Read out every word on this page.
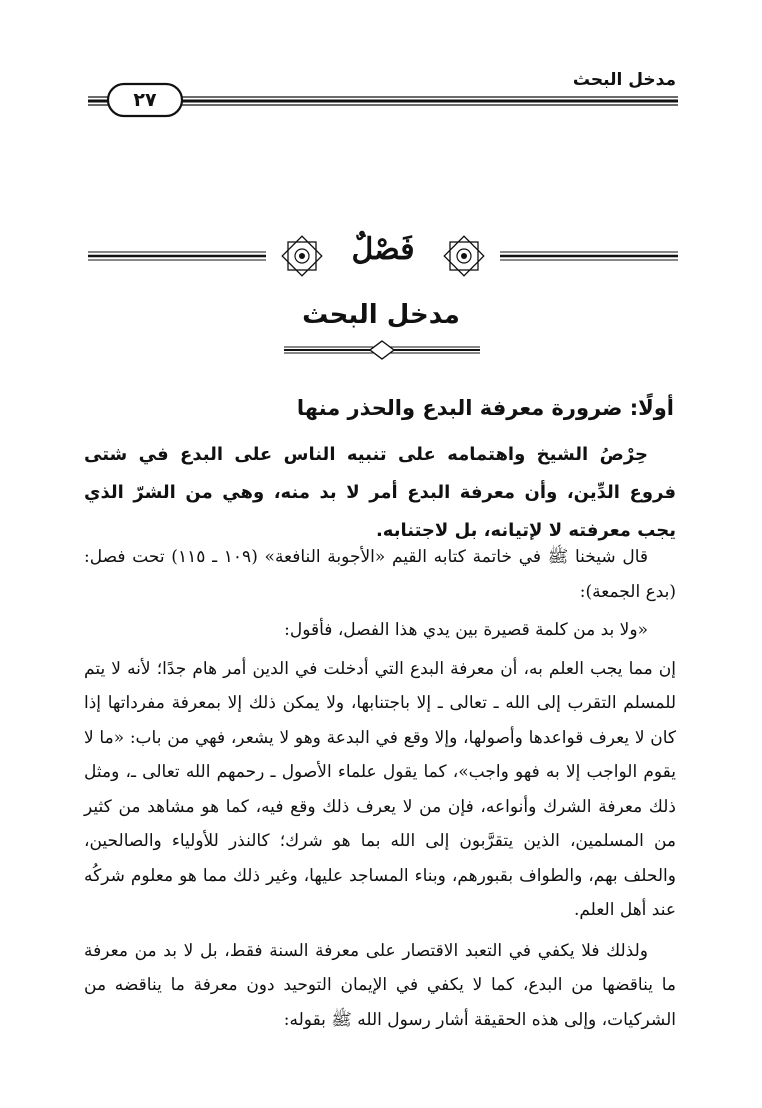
مدخل البحث
٢٧
فَصْلٌ
مدخل البحث
أولًا: ضرورة معرفة البدع والحذر منها

حِرْصُ الشيخ واهتمامه على تنبيه الناس على البدع في شتى فروع الدِّين، وأن معرفة البدع أمر لا بد منه، وهي من الشرّ الذي يجب معرفته لا لإتيانه، بل لاجتنابه.

قال شيخنا ﷺ في خاتمة كتابه القيم «الأجوبة النافعة» (١٠٩ ـ ١١٥) تحت فصل: (بدع الجمعة):

«ولا بد من كلمة قصيرة بين يدي هذا الفصل، فأقول:

إن مما يجب العلم به، أن معرفة البدع التي أدخلت في الدين أمر هام جدًا؛ لأنه لا يتم للمسلم التقرب إلى الله ـ تعالى ـ إلا باجتنابها، ولا يمكن ذلك إلا بمعرفة مفرداتها إذا كان لا يعرف قواعدها وأصولها، وإلا وقع في البدعة وهو لا يشعر، فهي من باب: «ما لا يقوم الواجب إلا به فهو واجب»، كما يقول علماء الأصول ـ رحمهم الله تعالى ـ، ومثل ذلك معرفة الشرك وأنواعه، فإن من لا يعرف ذلك وقع فيه، كما هو مشاهد من كثير من المسلمين، الذين يتقرَّبون إلى الله بما هو شرك؛ كالنذر للأولياء والصالحين، والحلف بهم، والطواف بقبورهم، وبناء المساجد عليها، وغير ذلك مما هو معلوم شركُه عند أهل العلم.

ولذلك فلا يكفي في التعبد الاقتصار على معرفة السنة فقط، بل لا بد من معرفة ما يناقضها من البدع، كما لا يكفي في الإيمان التوحيد دون معرفة ما يناقضه من الشركيات، وإلى هذه الحقيقة أشار رسول الله ﷺ بقوله:
